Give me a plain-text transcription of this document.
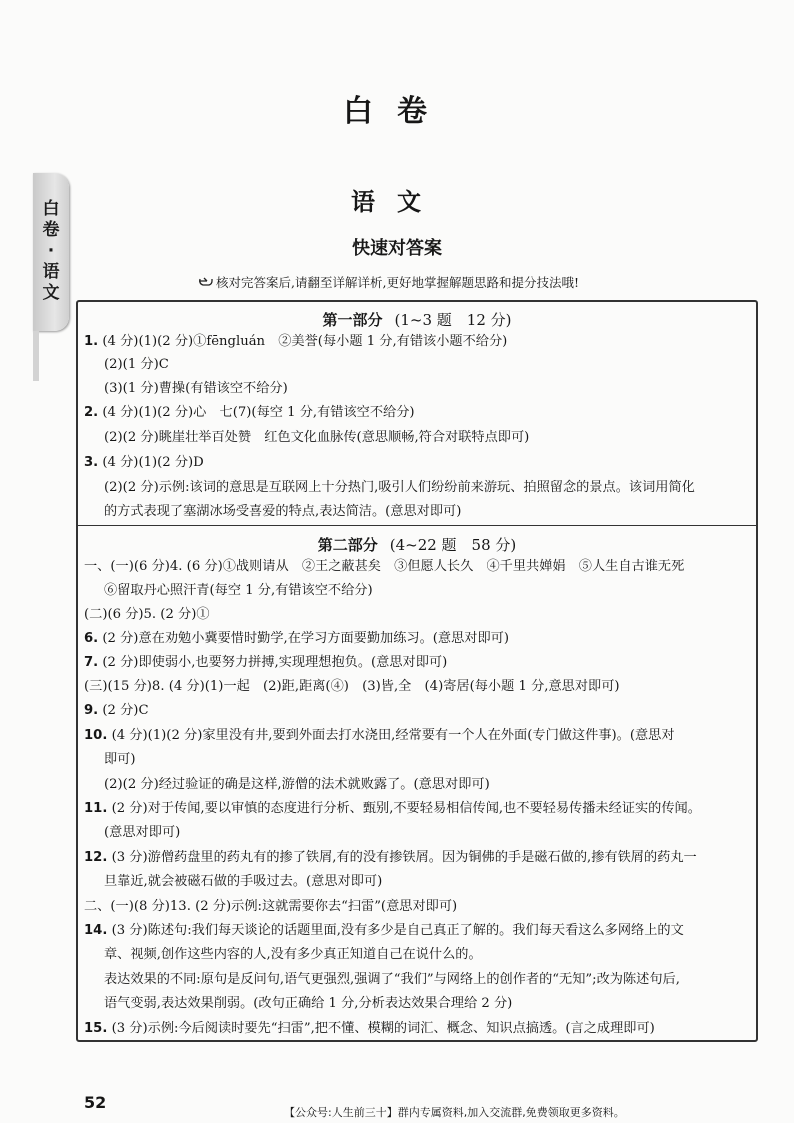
白卷
语文
快速对答案
核对完答案后,请翻至详解详析,更好地掌握解题思路和提分技法哦!
白卷·语文
第一部分 (1~3 题　12 分)
1. (4 分)(1)(2 分)①fēngluán　②美誉(每小题 1 分,有错该小题不给分)
(2)(1 分)C
(3)(1 分)曹操(有错该空不给分)
2. (4 分)(1)(2 分)心　七(7)(每空 1 分,有错该空不给分)
(2)(2 分)眺崖壮举百处赞　红色文化血脉传(意思顺畅,符合对联特点即可)
3. (4 分)(1)(2 分)D
(2)(2 分)示例:该词的意思是互联网上十分热门,吸引人们纷纷前来游玩、拍照留念的景点。该词用简化
的方式表现了塞湖冰场受喜爱的特点,表达简洁。(意思对即可)
第二部分 (4~22 题　58 分)
一、(一)(6 分)4. (6 分)①战则请从　②王之蔽甚矣　③但愿人长久　④千里共婵娟　⑤人生自古谁无死
⑥留取丹心照汗青(每空 1 分,有错该空不给分)
(二)(6 分)5. (2 分)①
6. (2 分)意在劝勉小冀要惜时勤学,在学习方面要勤加练习。(意思对即可)
7. (2 分)即使弱小,也要努力拼搏,实现理想抱负。(意思对即可)
(三)(15 分)8. (4 分)(1)一起　(2)距,距离(④)　(3)皆,全　(4)寄居(每小题 1 分,意思对即可)
9. (2 分)C
10. (4 分)(1)(2 分)家里没有井,要到外面去打水浇田,经常要有一个人在外面(专门做这件事)。(意思对
即可)
(2)(2 分)经过验证的确是这样,游僧的法术就败露了。(意思对即可)
11. (2 分)对于传闻,要以审慎的态度进行分析、甄别,不要轻易相信传闻,也不要轻易传播未经证实的传闻。
(意思对即可)
12. (3 分)游僧药盘里的药丸有的掺了铁屑,有的没有掺铁屑。因为铜佛的手是磁石做的,掺有铁屑的药丸一
旦靠近,就会被磁石做的手吸过去。(意思对即可)
二、(一)(8 分)13. (2 分)示例:这就需要你去“扫雷”(意思对即可)
14. (3 分)陈述句:我们每天谈论的话题里面,没有多少是自己真正了解的。我们每天看这么多网络上的文
章、视频,创作这些内容的人,没有多少真正知道自己在说什么的。
表达效果的不同:原句是反问句,语气更强烈,强调了“我们”与网络上的创作者的“无知”;改为陈述句后,
语气变弱,表达效果削弱。(改句正确给 1 分,分析表达效果合理给 2 分)
15. (3 分)示例:今后阅读时要先“扫雷”,把不懂、模糊的词汇、概念、知识点搞透。(言之成理即可)
52
【公众号:人生前三十】群内专属资料,加入交流群,免费领取更多资料。
